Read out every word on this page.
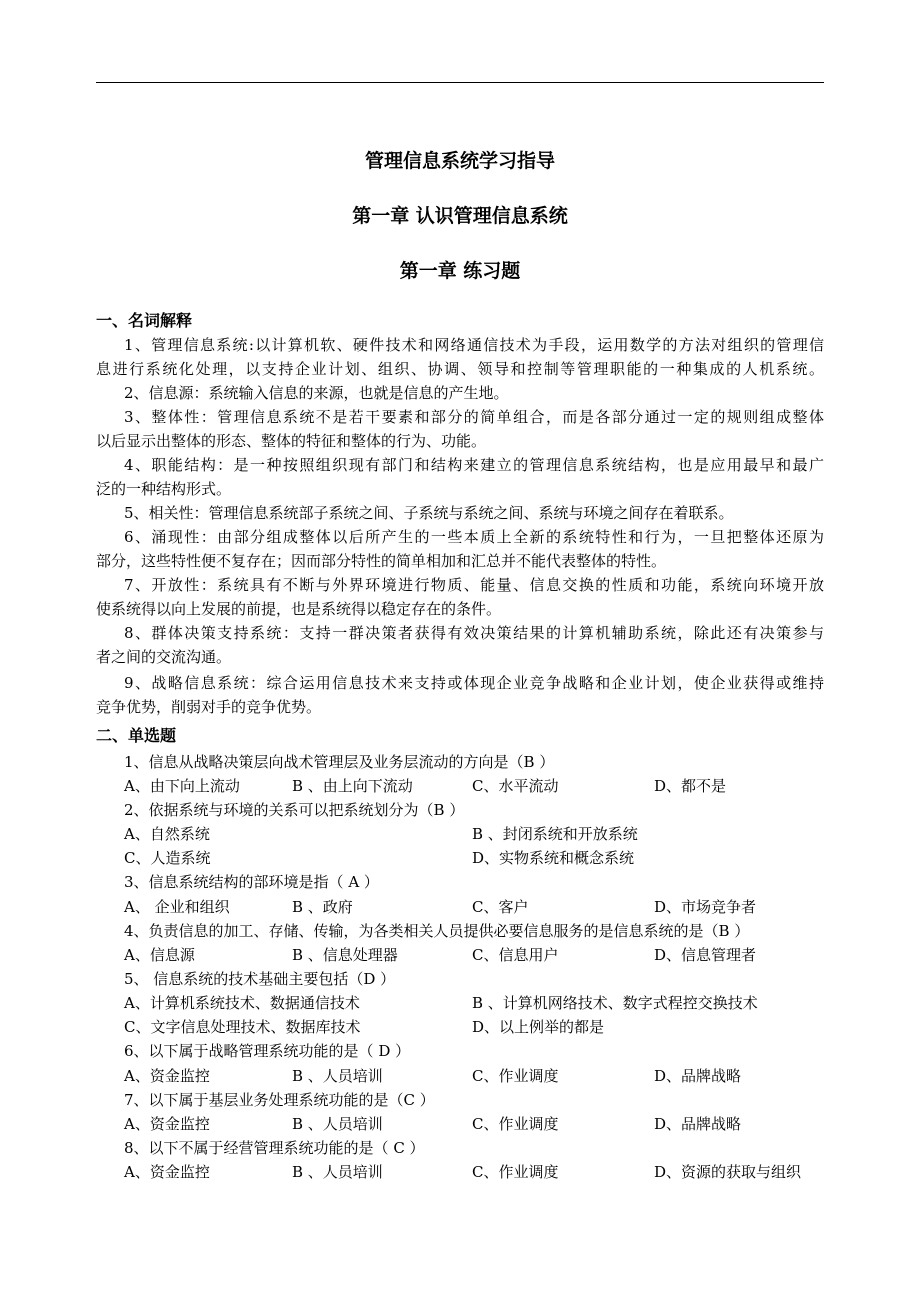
管理信息系统学习指导
第一章 认识管理信息系统
第一章 练习题
一、名词解释

1、管理信息系统:以计算机软、硬件技术和网络通信技术为手段，运用数学的方法对组织的管理信

息进行系统化处理，以支持企业计划、组织、协调、领导和控制等管理职能的一种集成的人机系统。

2、信息源：系统输入信息的来源，也就是信息的产生地。

3、整体性：管理信息系统不是若干要素和部分的简单组合，而是各部分通过一定的规则组成整体

以后显示出整体的形态、整体的特征和整体的行为、功能。

4、职能结构：是一种按照组织现有部门和结构来建立的管理信息系统结构，也是应用最早和最广

泛的一种结构形式。

5、相关性：管理信息系统部子系统之间、子系统与系统之间、系统与环境之间存在着联系。

6、涌现性：由部分组成整体以后所产生的一些本质上全新的系统特性和行为，一旦把整体还原为

部分，这些特性便不复存在；因而部分特性的简单相加和汇总并不能代表整体的特性。

7、开放性：系统具有不断与外界环境进行物质、能量、信息交换的性质和功能，系统向环境开放

使系统得以向上发展的前提，也是系统得以稳定存在的条件。

8、群体决策支持系统：支持一群决策者获得有效决策结果的计算机辅助系统，除此还有决策参与

者之间的交流沟通。

9、战略信息系统：综合运用信息技术来支持或体现企业竞争战略和企业计划，使企业获得或维持

竞争优势，削弱对手的竞争优势。

二、单选题

1、信息从战略决策层向战术管理层及业务层流动的方向是（B ）

A、由下向上流动	B 、由上向下流动	C、水平流动	D、都不是

2、依据系统与环境的关系可以把系统划分为（B ）

A、自然系统	B 、封闭系统和开放系统
C、人造系统	D、实物系统和概念系统

3、信息系统结构的部环境是指（ A ）

A、 企业和组织	B 、政府	C、客户	D、市场竞争者

4、负责信息的加工、存储、传输，为各类相关人员提供必要信息服务的是信息系统的是（B ）

A、信息源	B 、信息处理器	C、信息用户	D、信息管理者

5、 信息系统的技术基础主要包括（D ）

A、计算机系统技术、数据通信技术	B 、计算机网络技术、数字式程控交换技术
C、文字信息处理技术、数据库技术	D、以上例举的都是

6、以下属于战略管理系统功能的是（ D ）

A、资金监控	B 、人员培训	C、作业调度	D、品牌战略

7、以下属于基层业务处理系统功能的是（C ）

A、资金监控	B 、人员培训	C、作业调度	D、品牌战略

8、以下不属于经营管理系统功能的是（ C ）

A、资金监控	B 、人员培训	C、作业调度	D、资源的获取与组织
